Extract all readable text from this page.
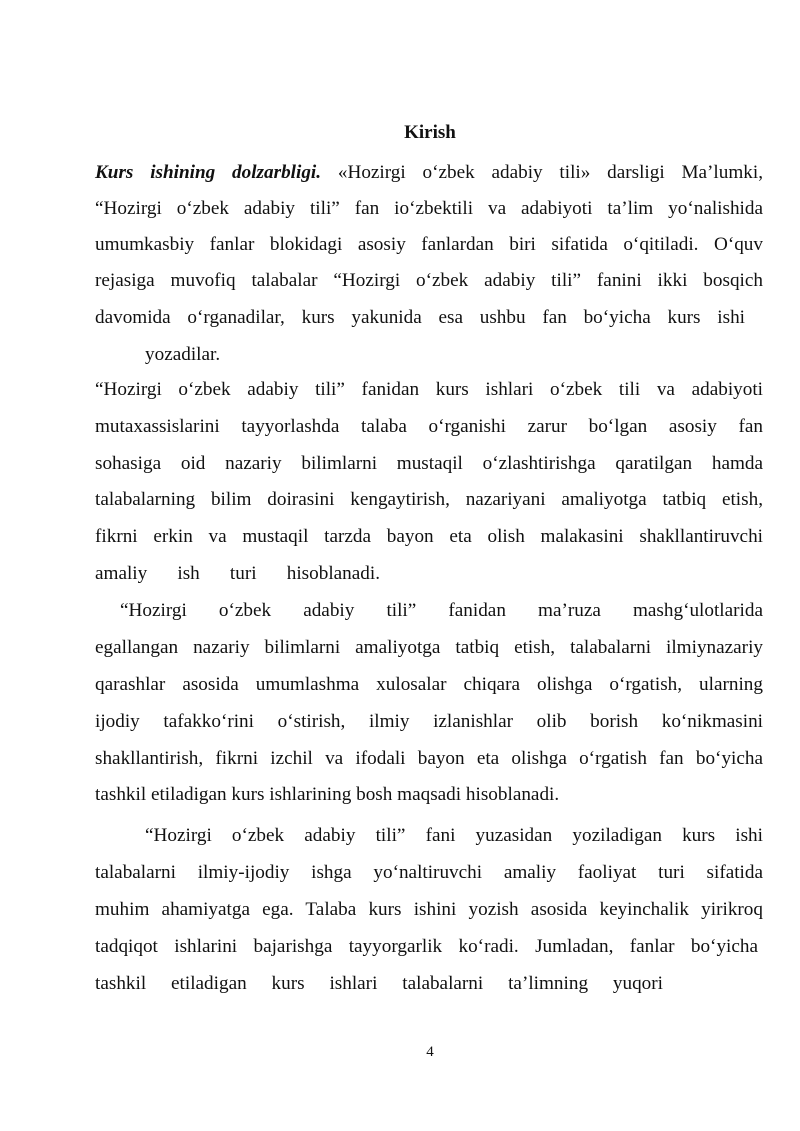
Kirish
Kurs ishining dolzarbligi. «Hozirgi o‘zbek adabiy tili» darsligi Ma’lumki,
“Hozirgi o‘zbek adabiy tili” fan io‘zbektili va adabiyoti ta’lim yo‘nalishida
umumkasbiy fanlar blokidagi asosiy fanlardan biri sifatida o‘qitiladi. O‘quv
rejasiga muvofiq talabalar “Hozirgi o‘zbek adabiy tili” fanini ikki bosqich
davomida o‘rganadilar, kurs yakunida esa ushbu fan bo‘yicha kurs ishi
yozadilar.
“Hozirgi o‘zbek adabiy tili” fanidan kurs ishlari o‘zbek tili va adabiyoti
mutaxassislarini tayyorlashda talaba o‘rganishi zarur bo‘lgan asosiy fan
sohasiga oid nazariy bilimlarni mustaqil o‘zlashtirishga qaratilgan hamda
talabalarning bilim doirasini kengaytirish, nazariyani amaliyotga tatbiq etish,
fikrni erkin va mustaqil tarzda bayon eta olish malakasini shakllantiruvchi
amaliy ish turi hisoblanadi.
“Hozirgi o‘zbek adabiy tili” fanidan ma’ruza mashg‘ulotlarida
egallangan nazariy bilimlarni amaliyotga tatbiq etish, talabalarni ilmiynazariy
qarashlar asosida umumlashma xulosalar chiqara olishga o‘rgatish, ularning
ijodiy tafakko‘rini o‘stirish, ilmiy izlanishlar olib borish ko‘nikmasini
shakllantirish, fikrni izchil va ifodali bayon eta olishga o‘rgatish fan bo‘yicha
tashkil etiladigan kurs ishlarining bosh maqsadi hisoblanadi.
“Hozirgi o‘zbek adabiy tili” fani yuzasidan yoziladigan kurs ishi
talabalarni ilmiy-ijodiy ishga yo‘naltiruvchi amaliy faoliyat turi sifatida
muhim ahamiyatga ega. Talaba kurs ishini yozish asosida keyinchalik yirikroq
tadqiqot ishlarini bajarishga tayyorgarlik ko‘radi. Jumladan, fanlar bo‘yicha
tashkil etiladigan kurs ishlari talabalarni ta’limning yuqori
4
